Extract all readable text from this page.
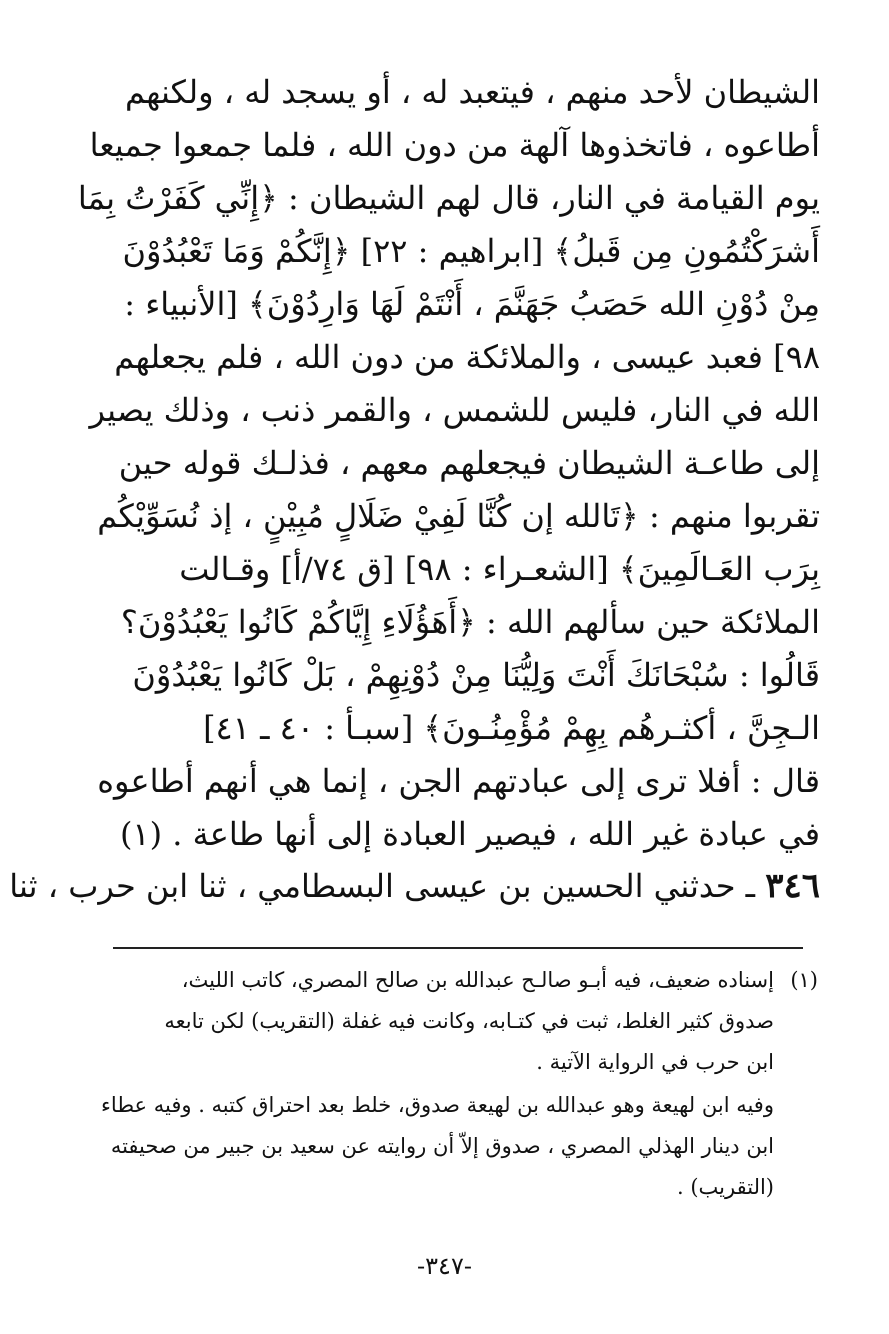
الشيطان لأحد منهم ، فيتعبد له ، أو يسجد له ، ولكنهم
أطاعوه ، فاتخذوها آلهة من دون الله ، فلما جمعوا جميعا
يوم القيامة في النار، قال لهم الشيطان : ﴿إِنِّي كَفَرْتُ بِمَا
أَشرَكْتُمُونِ مِن قَبلُ﴾ [ابراهيم : ٢٢] ﴿إِنَّكُمْ وَمَا تَعْبُدُوْنَ
مِنْ دُوْنِ الله حَصَبُ جَهَنَّمَ ، أَنْتَمْ لَهَا وَارِدُوْنَ﴾ [الأنبياء :
٩٨] فعبد عيسى ، والملائكة من دون الله ، فلم يجعلهم
الله في النار، فليس للشمس ، والقمر ذنب ، وذلك يصير
إلى طاعـة الشيطان فيجعلهم معهم ، فذلـك قوله حين
تقربوا منهم : ﴿تَالله إن كُنَّا لَفِيْ ضَلَالٍ مُبِيْنٍ ، إذ نُسَوِّيْكُم
بِرَب العَـالَمِينَ﴾ [الشعـراء : ٩٨] [ق ٧٤/أ] وقـالت
الملائكة حين سألهم الله : ﴿أَهَؤُلَاءِ إِيَّاكُمْ كَانُوا يَعْبُدُوْنَ؟
قَالُوا : سُبْحَانَكَ أَنْتَ وَلِيُّنَا مِنْ دُوْنِهِمْ ، بَلْ كَانُوا يَعْبُدُوْنَ
الـجِنَّ ، أكثـرهُم بِهِمْ مُؤْمِنُـونَ﴾ [سبـأ : ٤٠ ـ ٤١]
قال : أفلا ترى إلى عبادتهم الجن ، إنما هي أنهم أطاعوه
في عبادة غير الله ، فيصير العبادة إلى أنها طاعة . (١)
٣٤٦ ـ حدثني الحسين بن عيسى البسطامي ، ثنا ابن حرب ، ثنا
(١)
إسناده ضعيف، فيه أبـو صالـح عبدالله بن صالح المصري، كاتب الليث،
صدوق كثير الغلط، ثبت في كتـابه، وكانت فيه غفلة (التقريب) لكن تابعه
ابن حرب في الرواية الآتية .
وفيه ابن لهيعة وهو عبدالله بن لهيعة صدوق، خلط بعد احتراق كتبه . وفيه عطاء
ابن دينار الهذلي المصري ، صدوق إلاّ أن روايته عن سعيد بن جبير من صحيفته
(التقريب) .
-٣٤٧-
